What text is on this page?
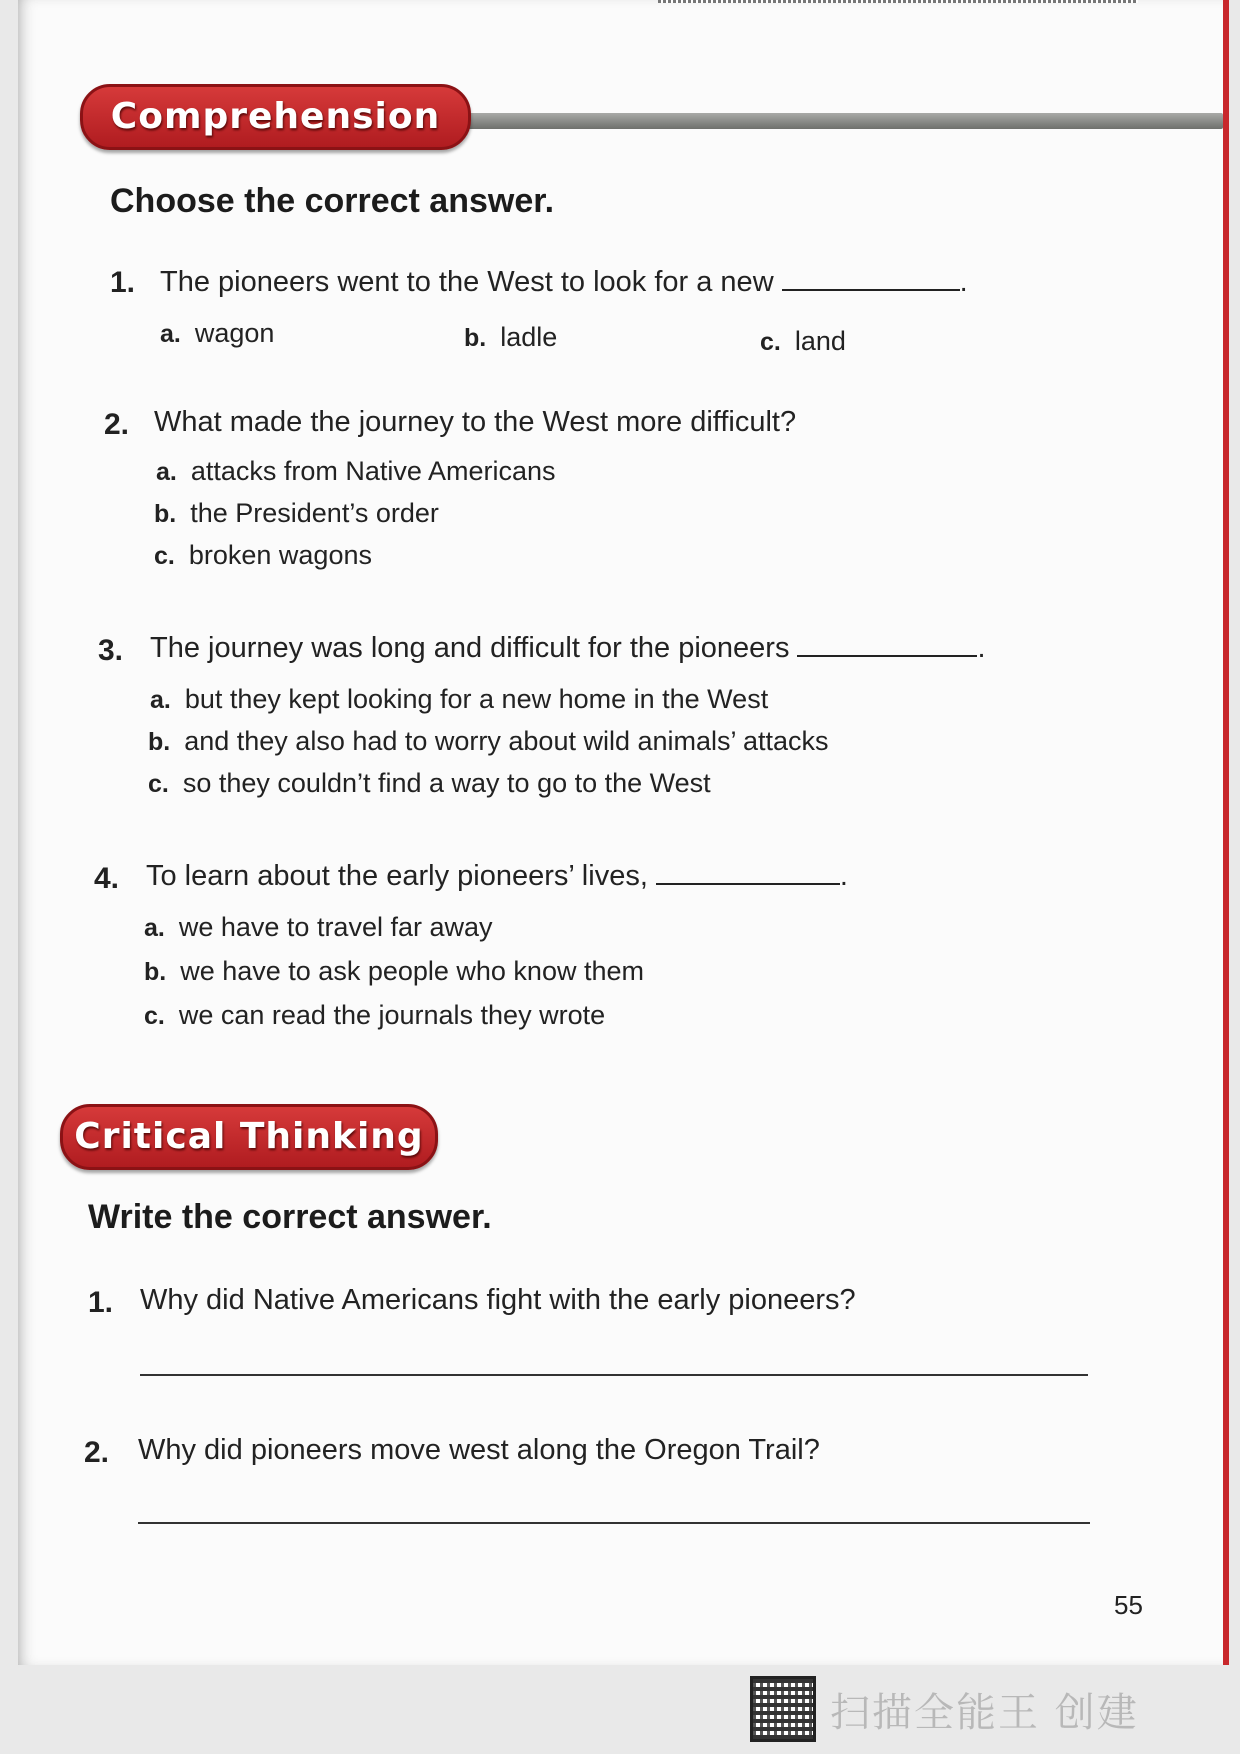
Comprehension
Choose the correct answer.
1. The pioneers went to the West to look for a new	.
a. wagon	b. ladle	c. land
2. What made the journey to the West more difficult?
a. attacks from Native Americans
b. the President’s order
c. broken wagons
3. The journey was long and difficult for the pioneers	.
a. but they kept looking for a new home in the West
b. and they also had to worry about wild animals’ attacks
c. so they couldn’t find a way to go to the West
4. To learn about the early pioneers’ lives,	.
a. we have to travel far away
b. we have to ask people who know them
c. we can read the journals they wrote
Critical Thinking
Write the correct answer.
1. Why did Native Americans fight with the early pioneers?
2. Why did pioneers move west along the Oregon Trail?
55
扫描全能王 创建
